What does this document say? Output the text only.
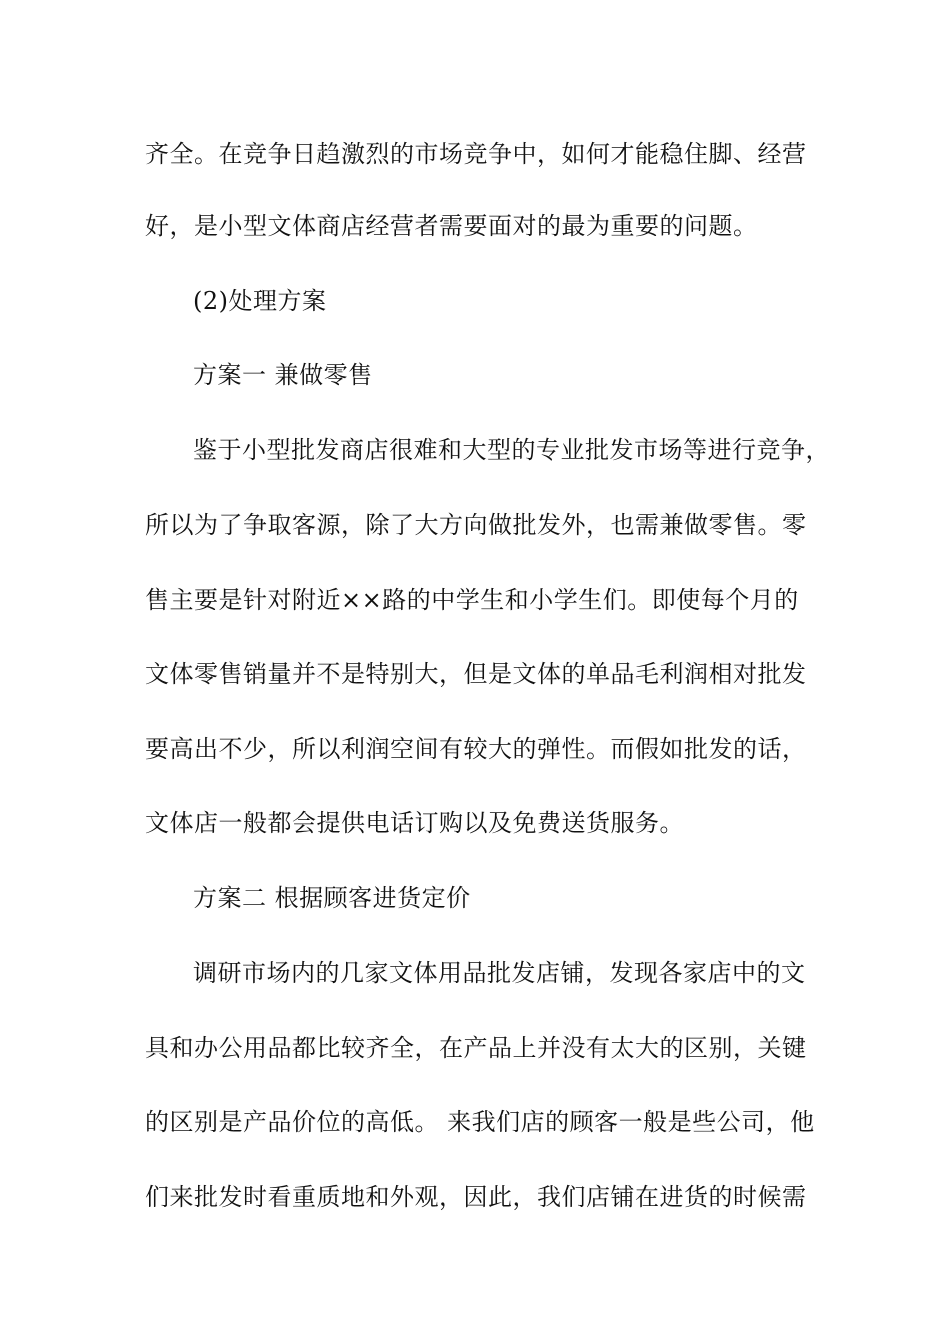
齐全。在竞争日趋激烈的市场竞争中，如何才能稳住脚、经营
好，是小型文体商店经营者需要面对的最为重要的问题。
(2)处理方案
方案一 兼做零售
鉴于小型批发商店很难和大型的专业批发市场等进行竞争，
所以为了争取客源，除了大方向做批发外，也需兼做零售。零
售主要是针对附近××路的中学生和小学生们。即使每个月的
文体零售销量并不是特别大，但是文体的单品毛利润相对批发
要高出不少，所以利润空间有较大的弹性。而假如批发的话，
文体店一般都会提供电话订购以及免费送货服务。
方案二 根据顾客进货定价
调研市场内的几家文体用品批发店铺，发现各家店中的文
具和办公用品都比较齐全，在产品上并没有太大的区别，关键
的区别是产品价位的高低。 来我们店的顾客一般是些公司，他
们来批发时看重质地和外观，因此，我们店铺在进货的时候需
